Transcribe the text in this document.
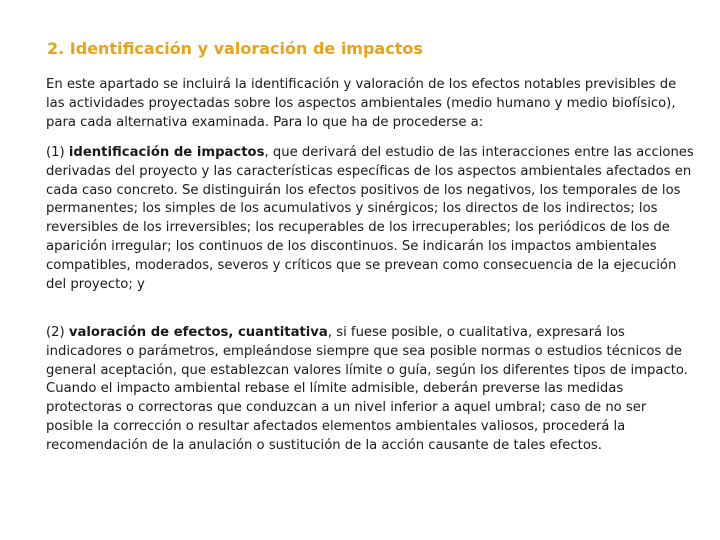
2. Identificación y valoración de impactos

En este apartado se incluirá la identificación y valoración de los efectos notables previsibles de las actividades proyectadas sobre los aspectos ambientales (medio humano y medio biofísico), para cada alternativa examinada. Para lo que ha de procederse a:

(1) identificación de impactos, que derivará del estudio de las interacciones entre las acciones derivadas del proyecto y las características específicas de los aspectos ambientales afectados en cada caso concreto. Se distinguirán los efectos positivos de los negativos, los temporales de los permanentes; los simples de los acumulativos y sinérgicos; los directos de los indirectos; los reversibles de los irreversibles; los recuperables de los irrecuperables; los periódicos de los de aparición irregular; los continuos de los discontinuos. Se indicarán los impactos ambientales compatibles, moderados, severos y críticos que se prevean como consecuencia de la ejecución del proyecto; y

(2) valoración de efectos, cuantitativa, si fuese posible, o cualitativa, expresará los indicadores o parámetros, empleándose siempre que sea posible normas o estudios técnicos de general aceptación, que establezcan valores límite o guía, según los diferentes tipos de impacto. Cuando el impacto ambiental rebase el límite admisible, deberán preverse las medidas protectoras o correctoras que conduzcan a un nivel inferior a aquel umbral; caso de no ser posible la corrección o resultar afectados elementos ambientales valiosos, procederá la recomendación de la anulación o sustitución de la acción causante de tales efectos.
